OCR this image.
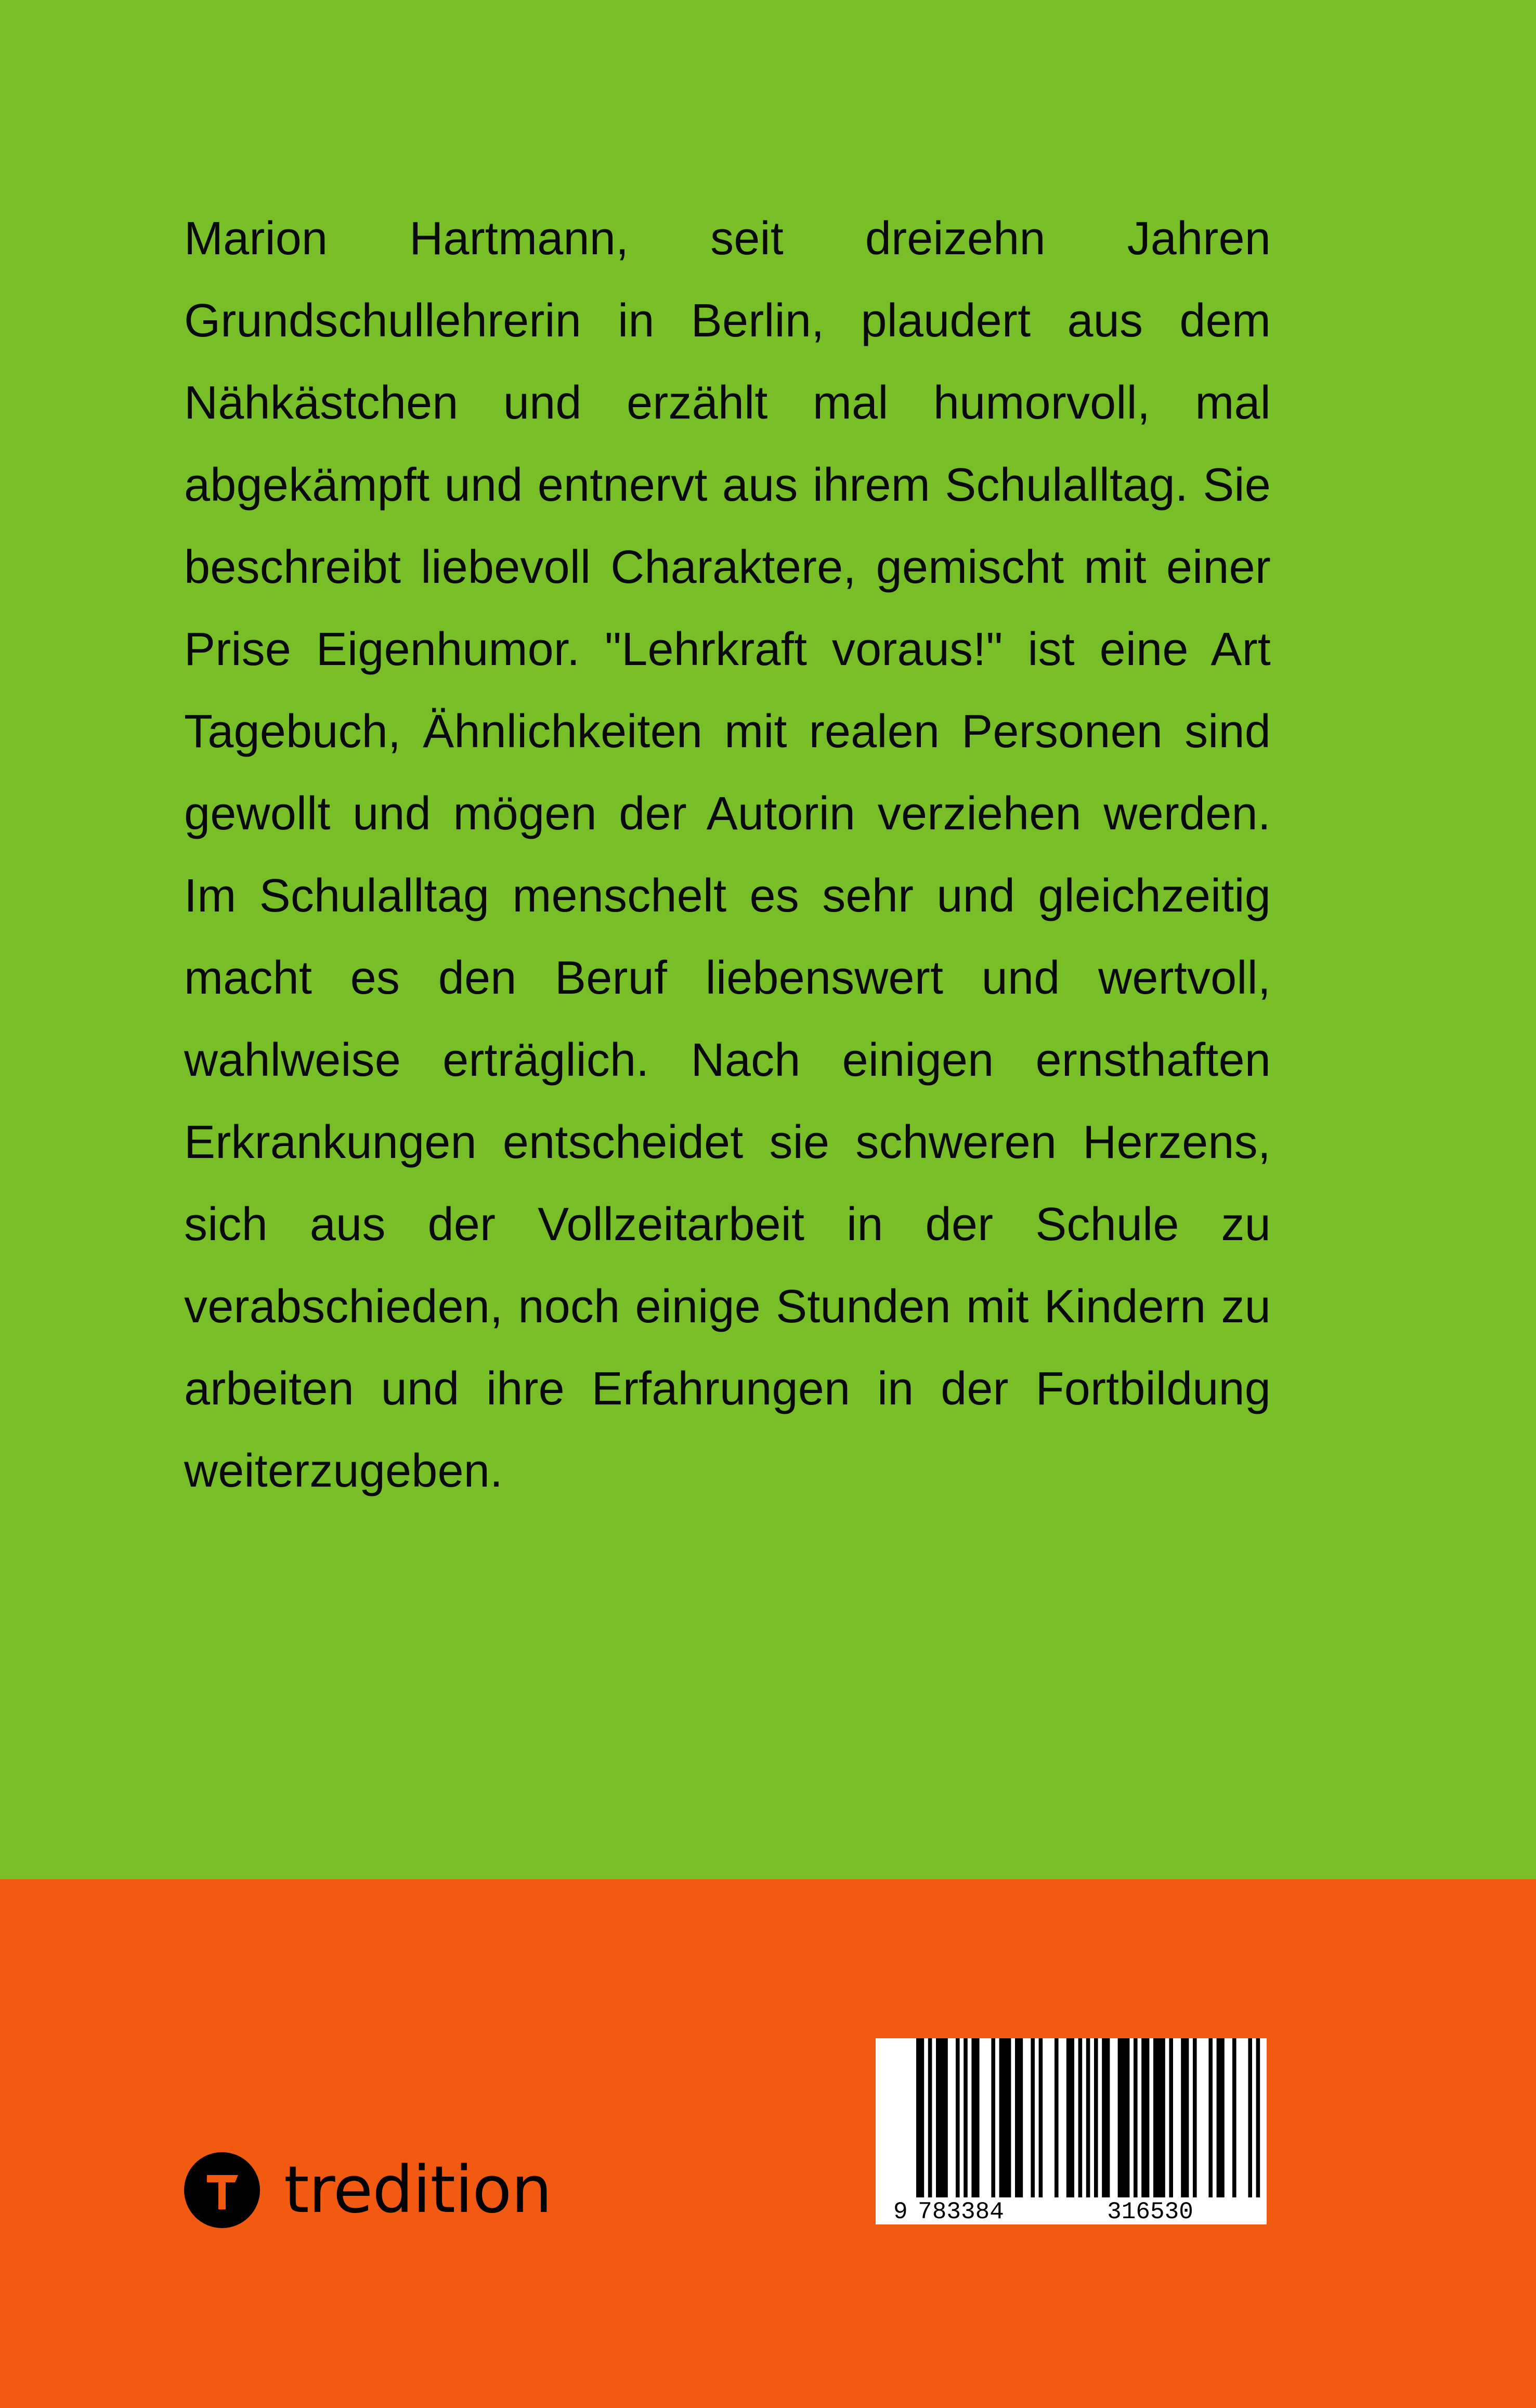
Marion Hartmann, seit dreizehn Jahren Grundschullehrerin in Berlin, plaudert aus dem Nähkästchen und erzählt mal humorvoll, mal abgekämpft und entnervt aus ihrem Schulalltag. Sie beschreibt liebevoll Charaktere, gemischt mit einer Prise Eigenhumor. "Lehrkraft voraus!" ist eine Art Tagebuch, Ähnlichkeiten mit realen Personen sind gewollt und mögen der Autorin verziehen werden. Im Schulalltag menschelt es sehr und gleichzeitig macht es den Beruf liebenswert und wertvoll, wahlweise erträglich. Nach einigen ernsthaften Erkrankungen entscheidet sie schweren Herzens, sich aus der Vollzeitarbeit in der Schule zu verabschieden, noch einige Stunden mit Kindern zu arbeiten und ihre Erfahrungen in der Fortbildung weiterzugeben.

tredition	9 783384	316530
